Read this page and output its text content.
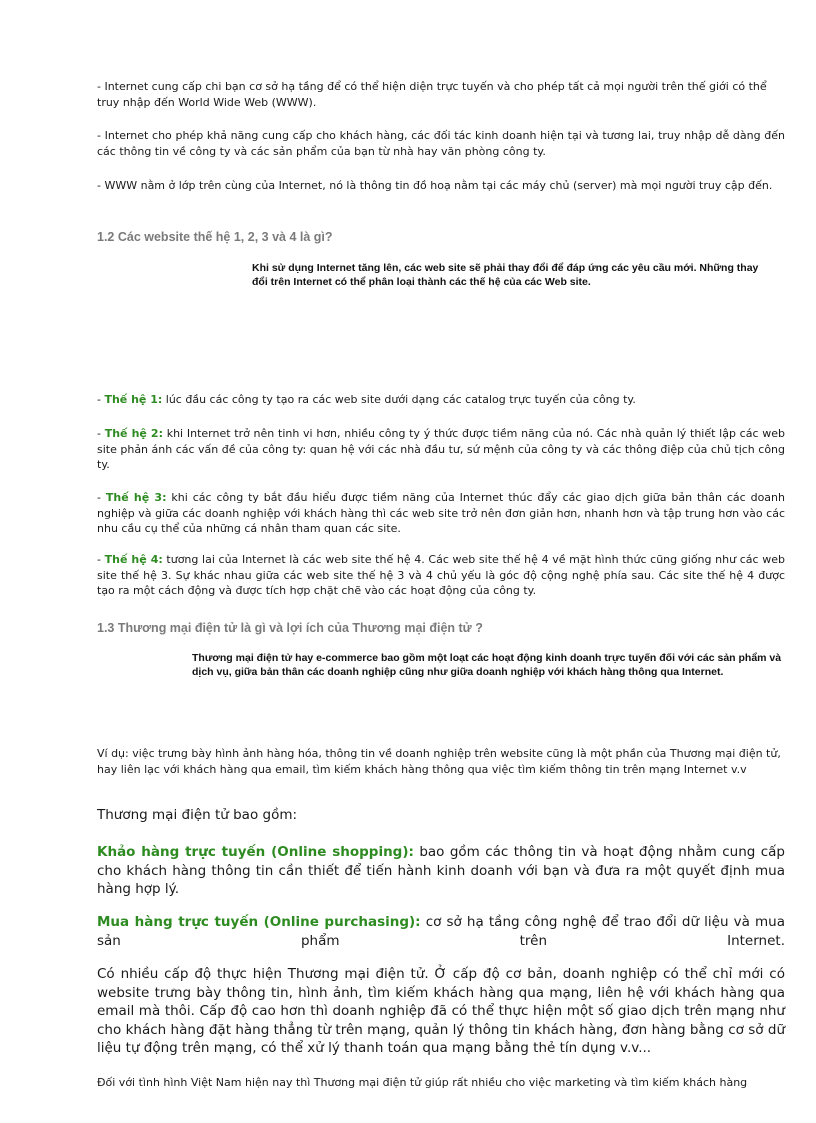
- Internet cung cấp chi bạn cơ sở hạ tầng để có thể hiện diện trực tuyến và cho phép tất cả mọi người trên thế giới có thể truy nhập đến World Wide Web (WWW).

- Internet cho phép khả năng cung cấp cho khách hàng, các đối tác kinh doanh hiện tại và tương lai, truy nhập dễ dàng đến các thông tin về công ty và các sản phẩm của bạn từ nhà hay văn phòng công ty.

- WWW nằm ở lớp trên cùng của Internet, nó là thông tin đồ hoạ nằm tại các máy chủ (server) mà mọi người truy cập đến.

1.2 Các website thế hệ 1, 2, 3 và 4 là gì?

Khi sử dụng Internet tăng lên, các web site sẽ phải thay đổi để đáp ứng các yêu cầu mới. Những thay đổi trên Internet có thể phân loại thành các thế hệ của các Web site.

- Thế hệ 1: lúc đầu các công ty tạo ra các web site dưới dạng các catalog trực tuyến của công ty.

- Thế hệ 2: khi Internet trở nên tinh vi hơn, nhiều công ty ý thức được tiềm năng của nó. Các nhà quản lý thiết lập các web site phản ánh các vấn đề của công ty: quan hệ với các nhà đầu tư, sứ mệnh của công ty và các thông điệp của chủ tịch công ty.

- Thế hệ 3: khi các công ty bắt đầu hiểu được tiềm năng của Internet thúc đẩy các giao dịch giữa bản thân các doanh nghiệp và giữa các doanh nghiệp với khách hàng thì các web site trở nên đơn giản hơn, nhanh hơn và tập trung hơn vào các nhu cầu cụ thể của những cá nhân tham quan các site.

- Thế hệ 4: tương lai của Internet là các web site thế hệ 4. Các web site thế hệ 4 về mặt hình thức cũng giống như các web site thế hệ 3. Sự khác nhau giữa các web site thế hệ 3 và 4 chủ yếu là góc độ cộng nghệ phía sau. Các site thế hệ 4 được tạo ra một cách động và được tích hợp chặt chẽ vào các hoạt động của công ty.

1.3 Thương mại điện tử là gì và lợi ích của Thương mại điện tử ?

Thương mại điện tử hay e-commerce bao gồm một loạt các hoạt động kinh doanh trực tuyến đối với các sản phẩm và dịch vụ, giữa bản thân các doanh nghiệp cũng như giữa doanh nghiệp với khách hàng thông qua Internet.

Ví dụ: việc trưng bày hình ảnh hàng hóa, thông tin về doanh nghiệp trên website cũng là một phần của Thương mại điện tử, hay liên lạc với khách hàng qua email, tìm kiếm khách hàng thông qua việc tìm kiếm thông tin trên mạng Internet v.v

Thương mại điện tử bao gồm:

Khảo hàng trực tuyến (Online shopping): bao gồm các thông tin và hoạt động nhằm cung cấp cho khách hàng thông tin cần thiết để tiến hành kinh doanh với bạn và đưa ra một quyết định mua hàng hợp lý.

Mua hàng trực tuyến (Online purchasing): cơ sở hạ tầng công nghệ để trao đổi dữ liệu và mua sản phẩm trên Internet.

Có nhiều cấp độ thực hiện Thương mại điện tử. Ở cấp độ cơ bản, doanh nghiệp có thể chỉ mới có website trưng bày thông tin, hình ảnh, tìm kiếm khách hàng qua mạng, liên hệ với khách hàng qua email mà thôi. Cấp độ cao hơn thì doanh nghiệp đã có thể thực hiện một số giao dịch trên mạng như cho khách hàng đặt hàng thẳng từ trên mạng, quản lý thông tin khách hàng, đơn hàng bằng cơ sở dữ liệu tự động trên mạng, có thể xử lý thanh toán qua mạng bằng thẻ tín dụng v.v...

Đối với tình hình Việt Nam hiện nay thì Thương mại điện tử giúp rất nhiều cho việc marketing và tìm kiếm khách hàng
